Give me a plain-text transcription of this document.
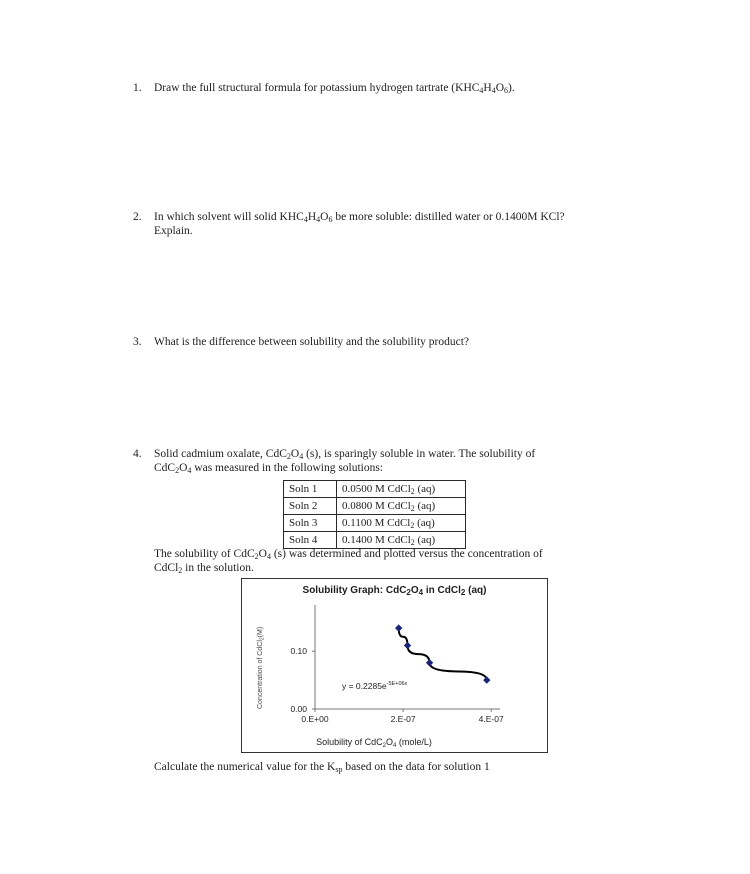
1. Draw the full structural formula for potassium hydrogen tartrate $(KHC_4H_4O_6)$.
2. In which solvent will solid $KHC_4H_4O_6$ be more soluble: distilled water or 0.1400M KCl?
Explain.
3. What is the difference between solubility and the solubility product?
4. Solid cadmium oxalate, $CdC_2O_4$ (s), is sparingly soluble in water. The solubility of
$CdC_2O_4$ was measured in the following solutions:
Soln 1	0.0500 M CdCl$_2$ (aq)
Soln 2	0.0800 M CdCl$_2$ (aq)
Soln 3	0.1100 M CdCl$_2$ (aq)
Soln 4	0.1400 M CdCl$_2$ (aq)
The solubility of $CdC_2O_4$ (s) was determined and plotted versus the concentration of
CdCl$_2$ in the solution.
Solubility Graph: $CdC_2O_4$ in CdCl$_2$ (aq)
0.E+00	2.E-07	4.E-07
0.00
0.10
$y = 0.2285e^{-5E+06x}$
Solubility of $CdC_2O_4$ (mole/L)
Concentration of CdCl$_2$(M)
Calculate the numerical value for the $K_{sp}$ based on the data for solution 1
